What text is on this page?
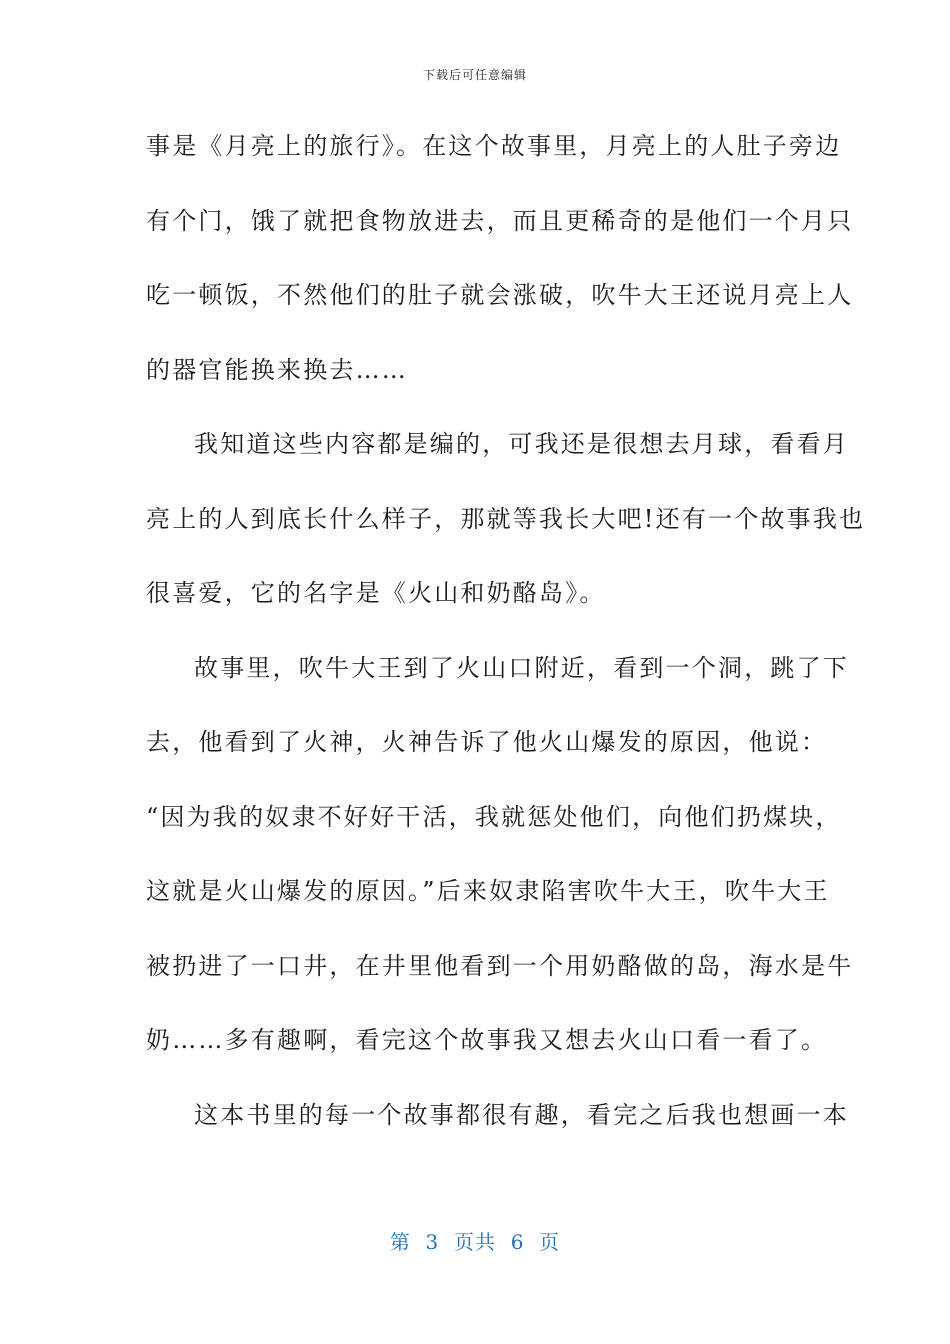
下载后可任意编辑
事是《月亮上的旅行》。在这个故事里，月亮上的人肚子旁边
有个门，饿了就把食物放进去，而且更稀奇的是他们一个月只
吃一顿饭，不然他们的肚子就会涨破，吹牛大王还说月亮上人
的器官能换来换去……
我知道这些内容都是编的，可我还是很想去月球，看看月
亮上的人到底长什么样子，那就等我长大吧!还有一个故事我也
很喜爱，它的名字是《火山和奶酪岛》。
故事里，吹牛大王到了火山口附近，看到一个洞，跳了下
去，他看到了火神，火神告诉了他火山爆发的原因，他说：
“因为我的奴隶不好好干活，我就惩处他们，向他们扔煤块，
这就是火山爆发的原因。”后来奴隶陷害吹牛大王，吹牛大王
被扔进了一口井，在井里他看到一个用奶酪做的岛，海水是牛
奶……多有趣啊，看完这个故事我又想去火山口看一看了。
这本书里的每一个故事都很有趣，看完之后我也想画一本
第  3  页共  6  页
